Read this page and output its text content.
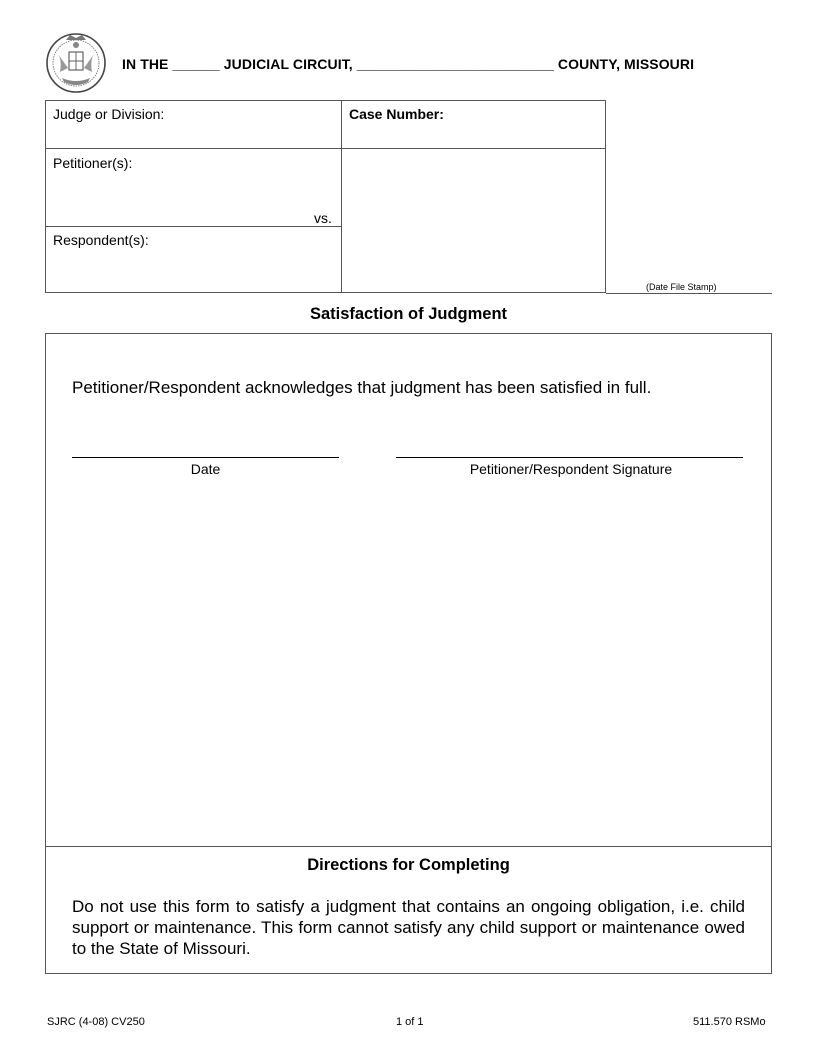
IN THE ______ JUDICIAL CIRCUIT, _________________________ COUNTY, MISSOURI
Judge or Division:	Case Number:
Petitioner(s):
vs.
Respondent(s):
(Date File Stamp)
Satisfaction of Judgment
Petitioner/Respondent acknowledges that judgment has been satisfied in full.
Date	Petitioner/Respondent Signature
Directions for Completing
Do not use this form to satisfy a judgment that contains an ongoing obligation, i.e. child support or maintenance. This form cannot satisfy any child support or maintenance owed to the State of Missouri.
SJRC (4-08) CV250	1 of 1	511.570 RSMo
